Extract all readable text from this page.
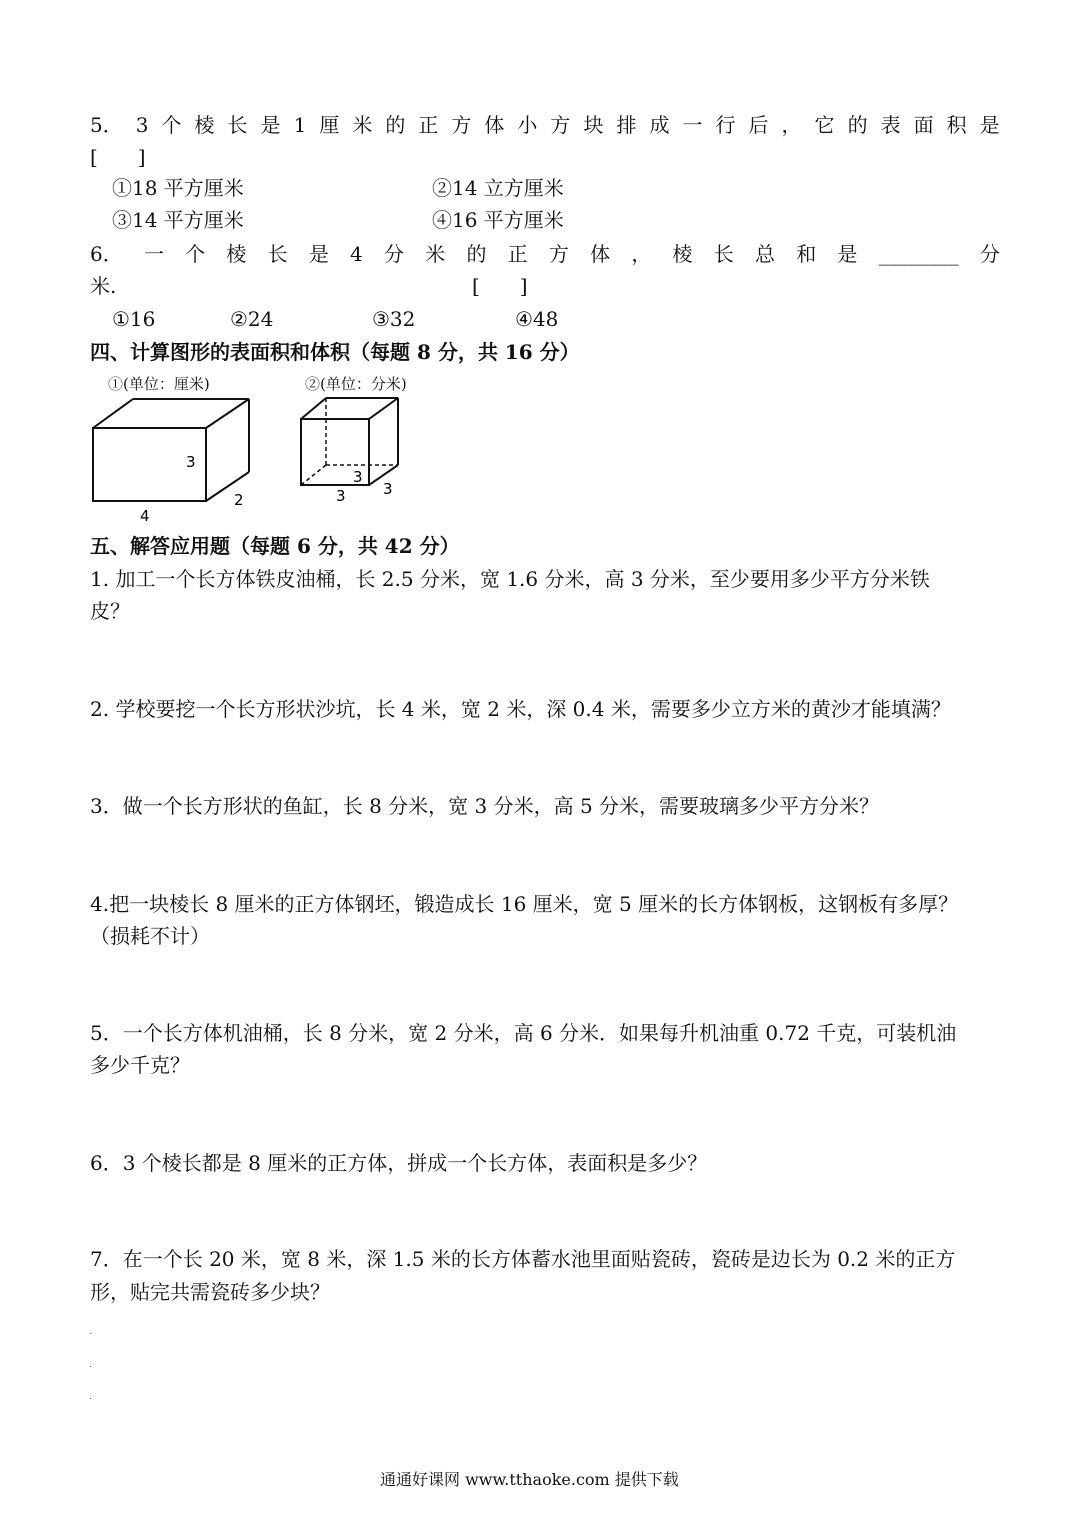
5． 3 个 棱 长 是 1 厘 米 的 正 方 体 小 方 块 排 成 一 行 后 ， 它 的 表 面 积 是
[　　]
①18 平方厘米	②14 立方厘米
③14 平方厘米	④16 平方厘米
6． 一 个 棱 长 是 4 分 米 的 正 方 体 ， 棱 长 总 和 是 ________ 分
米.	[　　]
①16	②24	③32	④48
四、计算图形的表面积和体积（每题 8 分，共 16 分）
①(单位：厘米)	②(单位：分米)
3
2
4
3
3 3
五、解答应用题（每题 6 分，共 42 分）
1. 加工一个长方体铁皮油桶，长 2.5 分米，宽 1.6 分米，高 3 分米，至少要用多少平方分米铁
皮？
2. 学校要挖一个长方形状沙坑，长 4 米，宽 2 米，深 0.4 米，需要多少立方米的黄沙才能填满？
3．做一个长方形状的鱼缸，长 8 分米，宽 3 分米，高 5 分米，需要玻璃多少平方分米？
4.把一块棱长 8 厘米的正方体钢坯，锻造成长 16 厘米，宽 5 厘米的长方体钢板，这钢板有多厚？
（损耗不计）
5．一个长方体机油桶，长 8 分米，宽 2 分米，高 6 分米．如果每升机油重 0.72 千克，可装机油
多少千克？
6．3 个棱长都是 8 厘米的正方体，拼成一个长方体，表面积是多少？
7．在一个长 20 米，宽 8 米，深 1.5 米的长方体蓄水池里面贴瓷砖，瓷砖是边长为 0.2 米的正方
形，贴完共需瓷砖多少块？
通通好课网 www.tthaoke.com 提供下载
